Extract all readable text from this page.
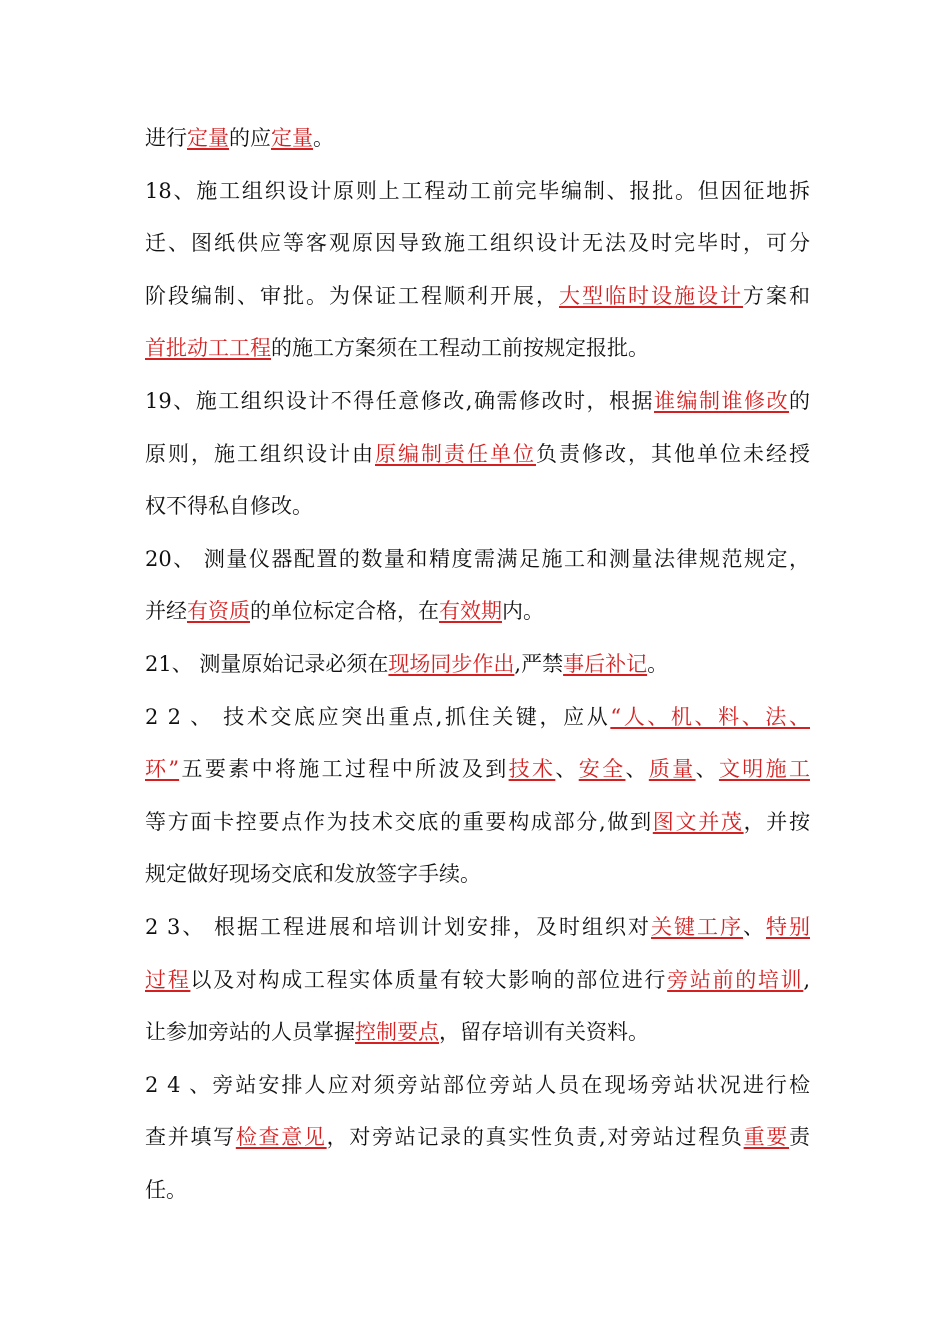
进行定量的应定量。
18、施工组织设计原则上工程动工前完毕编制、报批。但因征地拆
迁、图纸供应等客观原因导致施工组织设计无法及时完毕时，可分
阶段编制、审批。为保证工程顺利开展，大型临时设施设计方案和
首批动工工程的施工方案须在工程动工前按规定报批。
19、施工组织设计不得任意修改,确需修改时，根据谁编制谁修改的
原则，施工组织设计由原编制责任单位负责修改，其他单位未经授
权不得私自修改。
20、 测量仪器配置的数量和精度需满足施工和测量法律规范规定，
并经有资质的单位标定合格，在有效期内。
21、 测量原始记录必须在现场同步作出,严禁事后补记。
2 2 、 技术交底应突出重点,抓住关键，应从“人、机、料、法、
环”五要素中将施工过程中所波及到技术、安全、质量、文明施工
等方面卡控要点作为技术交底的重要构成部分,做到图文并茂，并按
规定做好现场交底和发放签字手续。
2 3、 根据工程进展和培训计划安排，及时组织对关键工序、特别
过程以及对构成工程实体质量有较大影响的部位进行旁站前的培训,
让参加旁站的人员掌握控制要点，留存培训有关资料。
2 4 、旁站安排人应对须旁站部位旁站人员在现场旁站状况进行检
查并填写检查意见，对旁站记录的真实性负责,对旁站过程负重要责
任。
